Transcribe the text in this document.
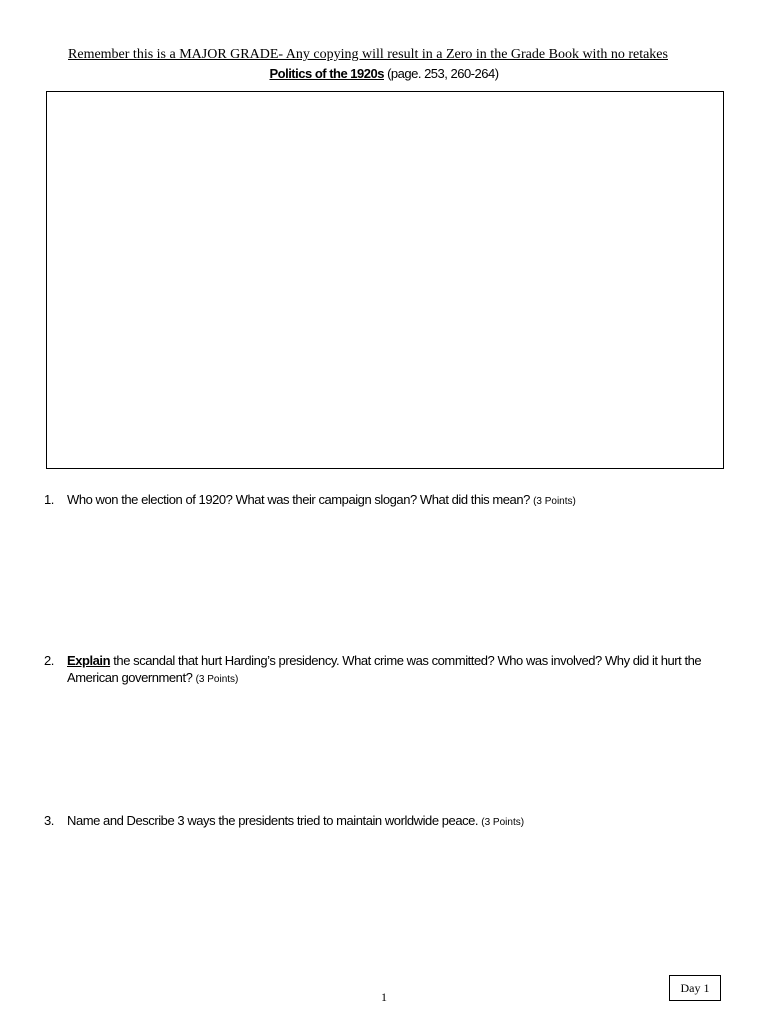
Remember this is a MAJOR GRADE- Any copying will result in a Zero in the Grade Book with no retakes
Politics of the 1920s (page. 253, 260-264)
1. Who won the election of 1920? What was their campaign slogan? What did this mean? (3 Points)
2. Explain the scandal that hurt Harding’s presidency. What crime was committed? Who was involved? Why did it hurt the American government? (3 Points)
3. Name and Describe 3 ways the presidents tried to maintain worldwide peace. (3 Points)
1
Day 1
